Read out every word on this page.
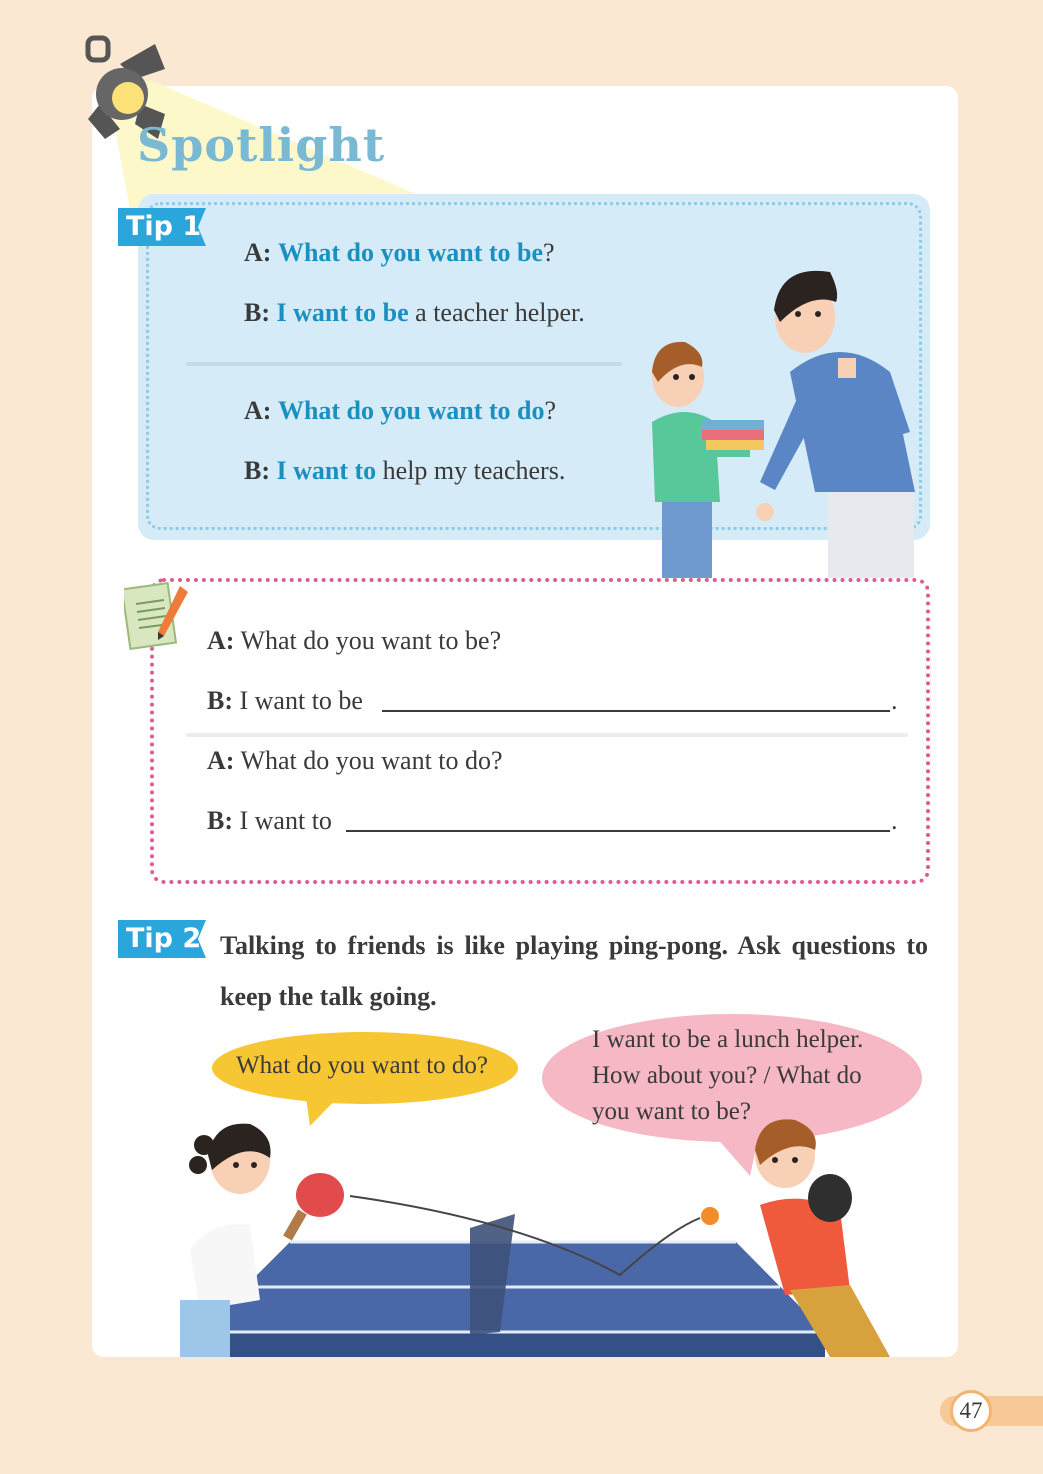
Spotlight
Tip 1
A: What do you want to be?
B: I want to be a teacher helper.
A: What do you want to do?
B: I want to help my teachers.
A: What do you want to be?
B: I want to be	.
A: What do you want to do?
B: I want to	.
Tip 2 Talking to friends is like playing ping-pong. Ask questions to keep the talk going.
What do you want to do?
I want to be a lunch helper.
How about you? / What do
you want to be?
47
